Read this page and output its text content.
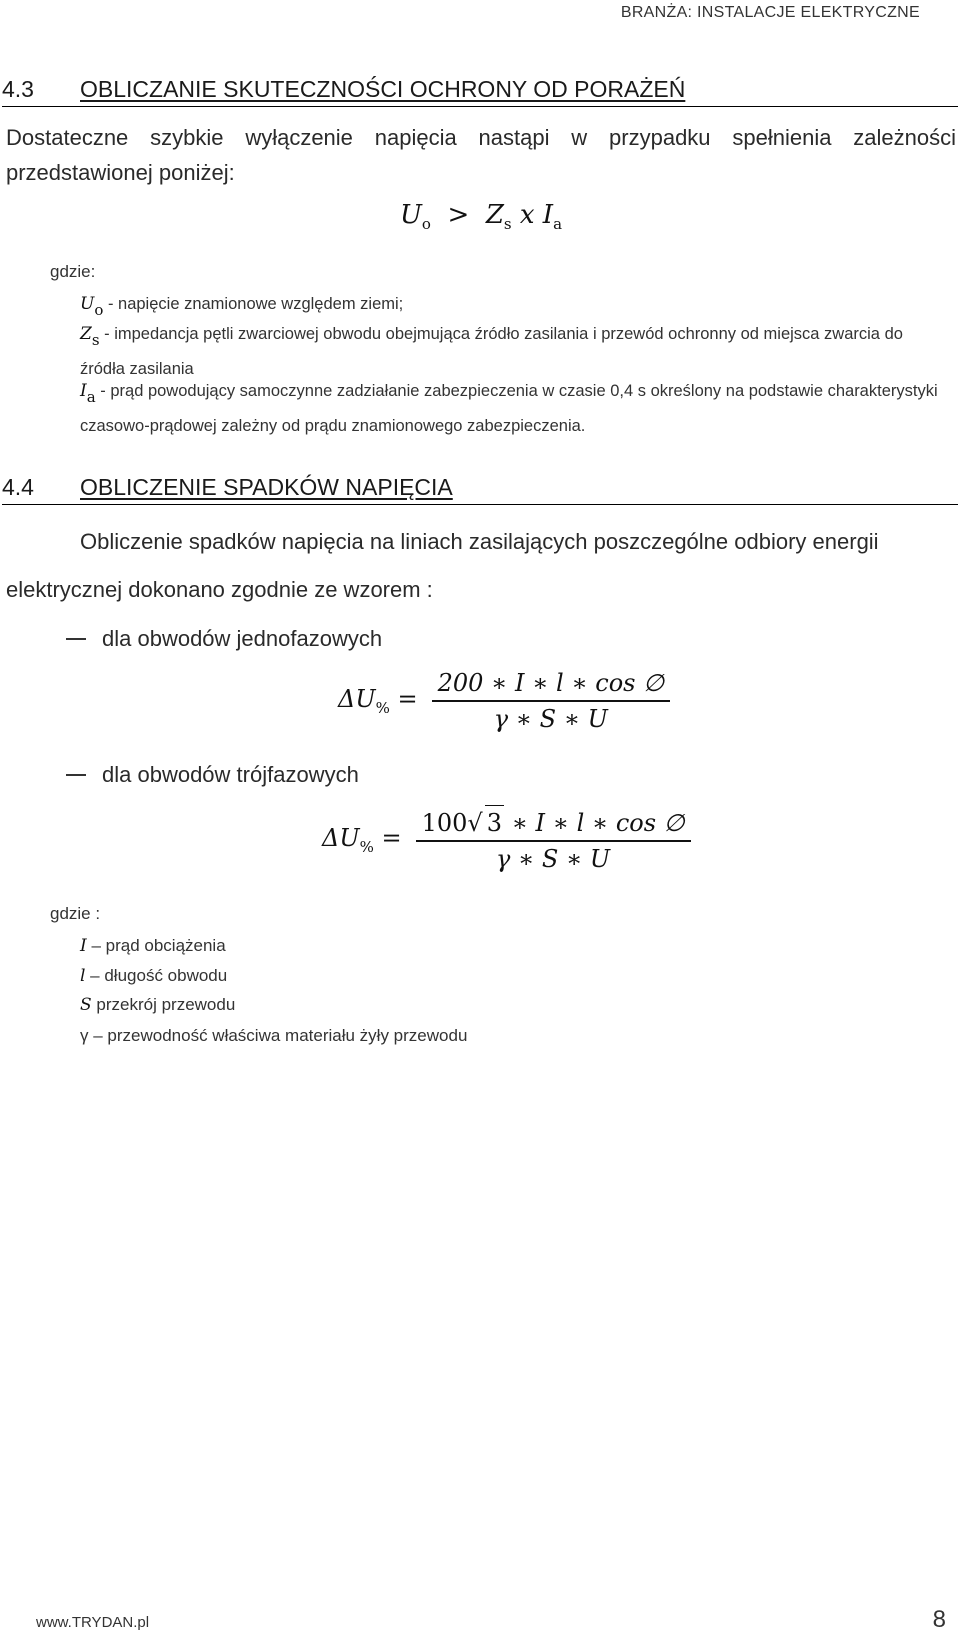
BRANŻA: INSTALACJE ELEKTRYCZNE
4.3 OBLICZANIE SKUTECZNOŚCI OCHRONY OD PORAŻEŃ
Dostateczne szybkie wyłączenie napięcia nastąpi w przypadku spełnienia zależności przedstawionej poniżej:
$U_o > Z_s$ x $I_a$
gdzie:
Uo - napięcie znamionowe względem ziemi;
Zs - impedancja pętli zwarciowej obwodu obejmująca źródło zasilania i przewód ochronny od miejsca zwarcia do źródła zasilania
Ia - prąd powodujący samoczynne zadziałanie zabezpieczenia w czasie 0,4 s określony na podstawie charakterystyki czasowo-prądowej zależny od prądu znamionowego zabezpieczenia.
4.4 OBLICZENIE SPADKÓW NAPIĘCIA
Obliczenie spadków napięcia na liniach zasilających poszczególne odbiory energii
elektrycznej dokonano zgodnie ze wzorem :
dla obwodów jednofazowych
$\Delta U_{\%} = \frac{200 ∗ I ∗ l ∗ \cos \emptyset}{\gamma ∗ S ∗ U}$
dla obwodów trójfazowych
$\Delta U_{\%} = \frac{100√ 3 ∗ I ∗ l ∗ \cos \emptyset}{\gamma ∗ S ∗ U}$
gdzie :
I – prąd obciążenia
l – długość obwodu
S przekrój przewodu
γ – przewodność właściwa materiału żyły przewodu
www.TRYDAN.pl	8
